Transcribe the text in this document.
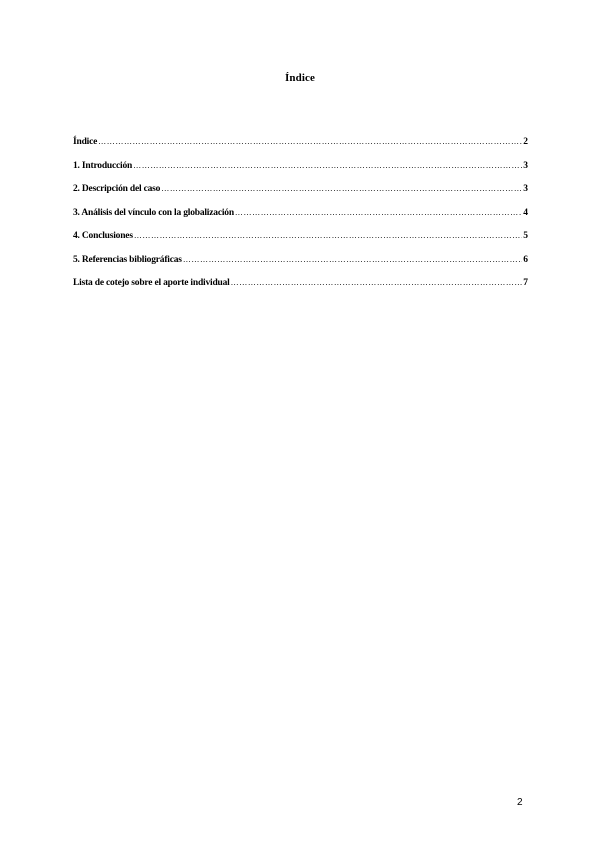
Índice
Índice ………………………………………………………………………………………………………………………………………………………………………………………………………………………………………………	2
1. Introducción ………………………………………………………………………………………………………………………………………………………………………………………………………………………………………………	3
2. Descripción del caso ………………………………………………………………………………………………………………………………………………………………………………………………………………………………………………	3
3. Análisis del vínculo con la globalización ………………………………………………………………………………………………………………………………………………………………………………………………………………………………………………	4
4. Conclusiones ………………………………………………………………………………………………………………………………………………………………………………………………………………………………………………	5
5. Referencias bibliográficas ………………………………………………………………………………………………………………………………………………………………………………………………………………………………………………	6
Lista de cotejo sobre el aporte individual ………………………………………………………………………………………………………………………………………………………………………………………………………………………………………………	7
2
